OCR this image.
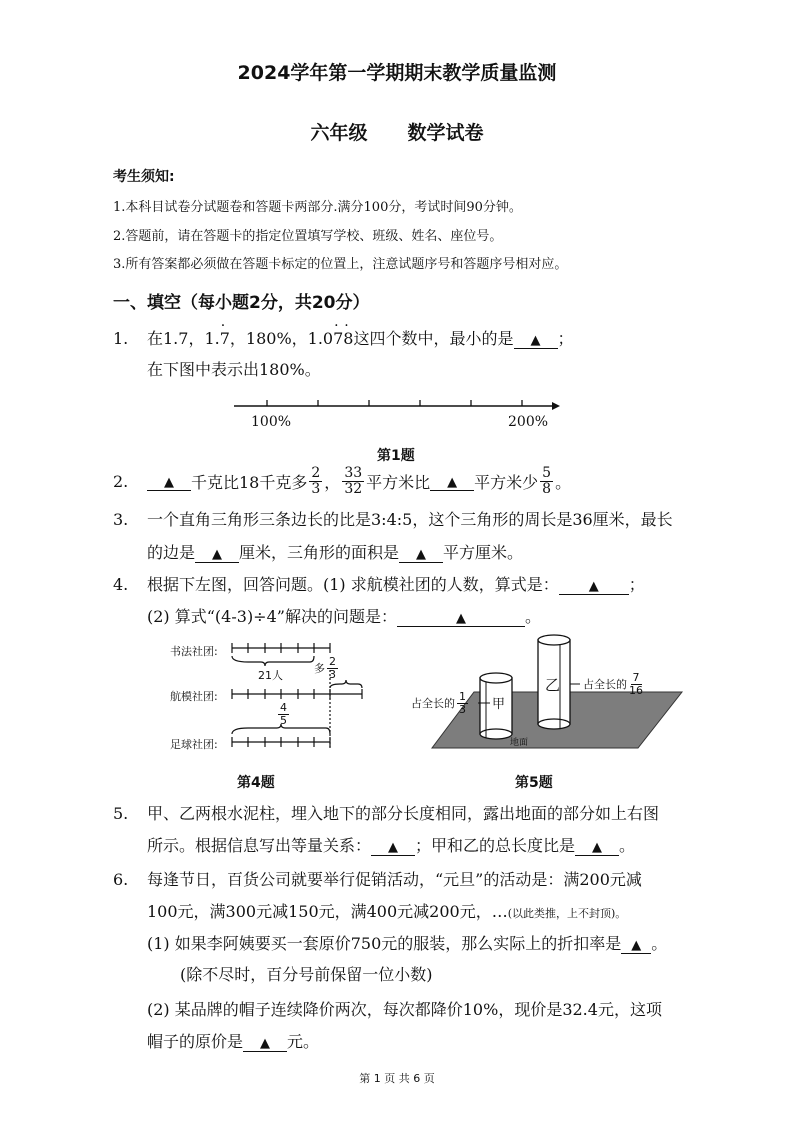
2024学年第一学期期末教学质量监测
六年级 数学试卷
考生须知:
1.本科目试卷分试题卷和答题卡两部分.满分100分，考试时间90分钟。
2.答题前，请在答题卡的指定位置填写学校、班级、姓名、座位号。
3.所有答案都必须做在答题卡标定的位置上，注意试题序号和答题序号相对应。
一、填空（每小题2分，共20分）
1. 在1.7，1.7 ·，180%，1.07 ·8 ·这四个数中，最小的是 ▲ ；
在下图中表示出180%。
100%	200%
第1题
2.	▲	千克比18千克多 $\frac{2}{3}$ ， $\frac{33}{32}$ 平方米比	▲	平方米少 $\frac{5}{8}$ 。
3. 一个直角三角形三条边长的比是3:4:5，这个三角形的周长是36厘米，最长
的边是 ▲ 厘米，三角形的面积是 ▲ 平方厘米。
4. 根据下左图，回答问题。(1) 求航模社团的人数，算式是： ▲ ；
(2) 算式“(4-3)÷4”解决的问题是：	▲	。
书法社团:
航模社团:
足球社团:
21人
多 $\frac{2}{3}$
$\frac{4}{5}$
第4题
甲
乙
占全长的 $\frac{1}{3}$
占全长的 $\frac{7}{16}$
地面
第5题
5. 甲、乙两根水泥柱，埋入地下的部分长度相同，露出地面的部分如上右图
所示。根据信息写出等量关系： ▲ ；甲和乙的总长度比是 ▲ 。
6. 每逢节日，百货公司就要举行促销活动，“元旦”的活动是：满200元减
100元，满300元减150元，满400元减200元，…(以此类推，上不封顶)。
(1) 如果李阿姨要买一套原价750元的服装，那么实际上的折扣率是 ▲ 。
(除不尽时，百分号前保留一位小数)
(2) 某品牌的帽子连续降价两次，每次都降价10%，现价是32.4元，这项
帽子的原价是 ▲ 元。
第 1 页 共 6 页
